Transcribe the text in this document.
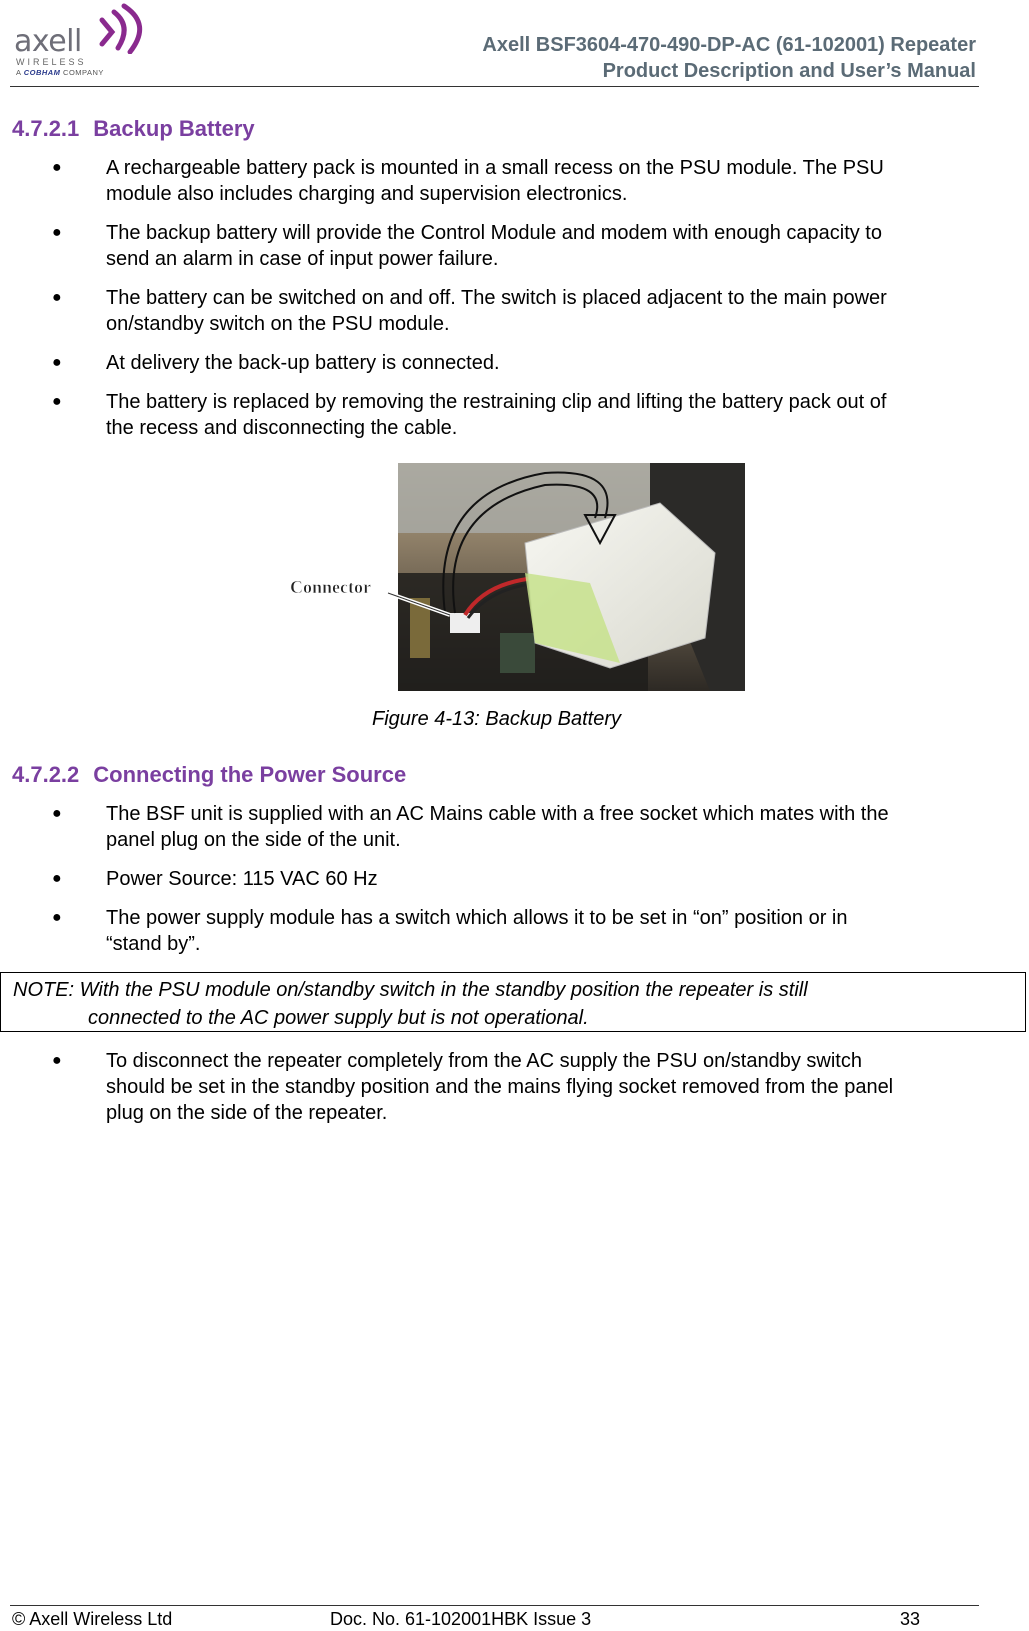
axell
WIRELESS
A COBHAM COMPANY
Axell BSF3604-470-490-DP-AC (61-102001) Repeater
Product Description and User’s Manual
4.7.2.1 Backup Battery
● A rechargeable battery pack is mounted in a small recess on the PSU module. The PSU
module also includes charging and supervision electronics.
● The backup battery will provide the Control Module and modem with enough capacity to
send an alarm in case of input power failure.
● The battery can be switched on and off. The switch is placed adjacent to the main power
on/standby switch on the PSU module.
● At delivery the back-up battery is connected.
● The battery is replaced by removing the restraining clip and lifting the battery pack out of
the recess and disconnecting the cable.
Connector
Figure 4-13: Backup Battery
4.7.2.2 Connecting the Power Source
● The BSF unit is supplied with an AC Mains cable with a free socket which mates with the
panel plug on the side of the unit.
● Power Source: 115 VAC 60 Hz
● The power supply module has a switch which allows it to be set in “on” position or in
“stand by”.
NOTE: With the PSU module on/standby switch in the standby position the repeater is still
connected to the AC power supply but is not operational.
● To disconnect the repeater completely from the AC supply the PSU on/standby switch
should be set in the standby position and the mains flying socket removed from the panel
plug on the side of the repeater.
© Axell Wireless Ltd	Doc. No. 61-102001HBK Issue 3	33
